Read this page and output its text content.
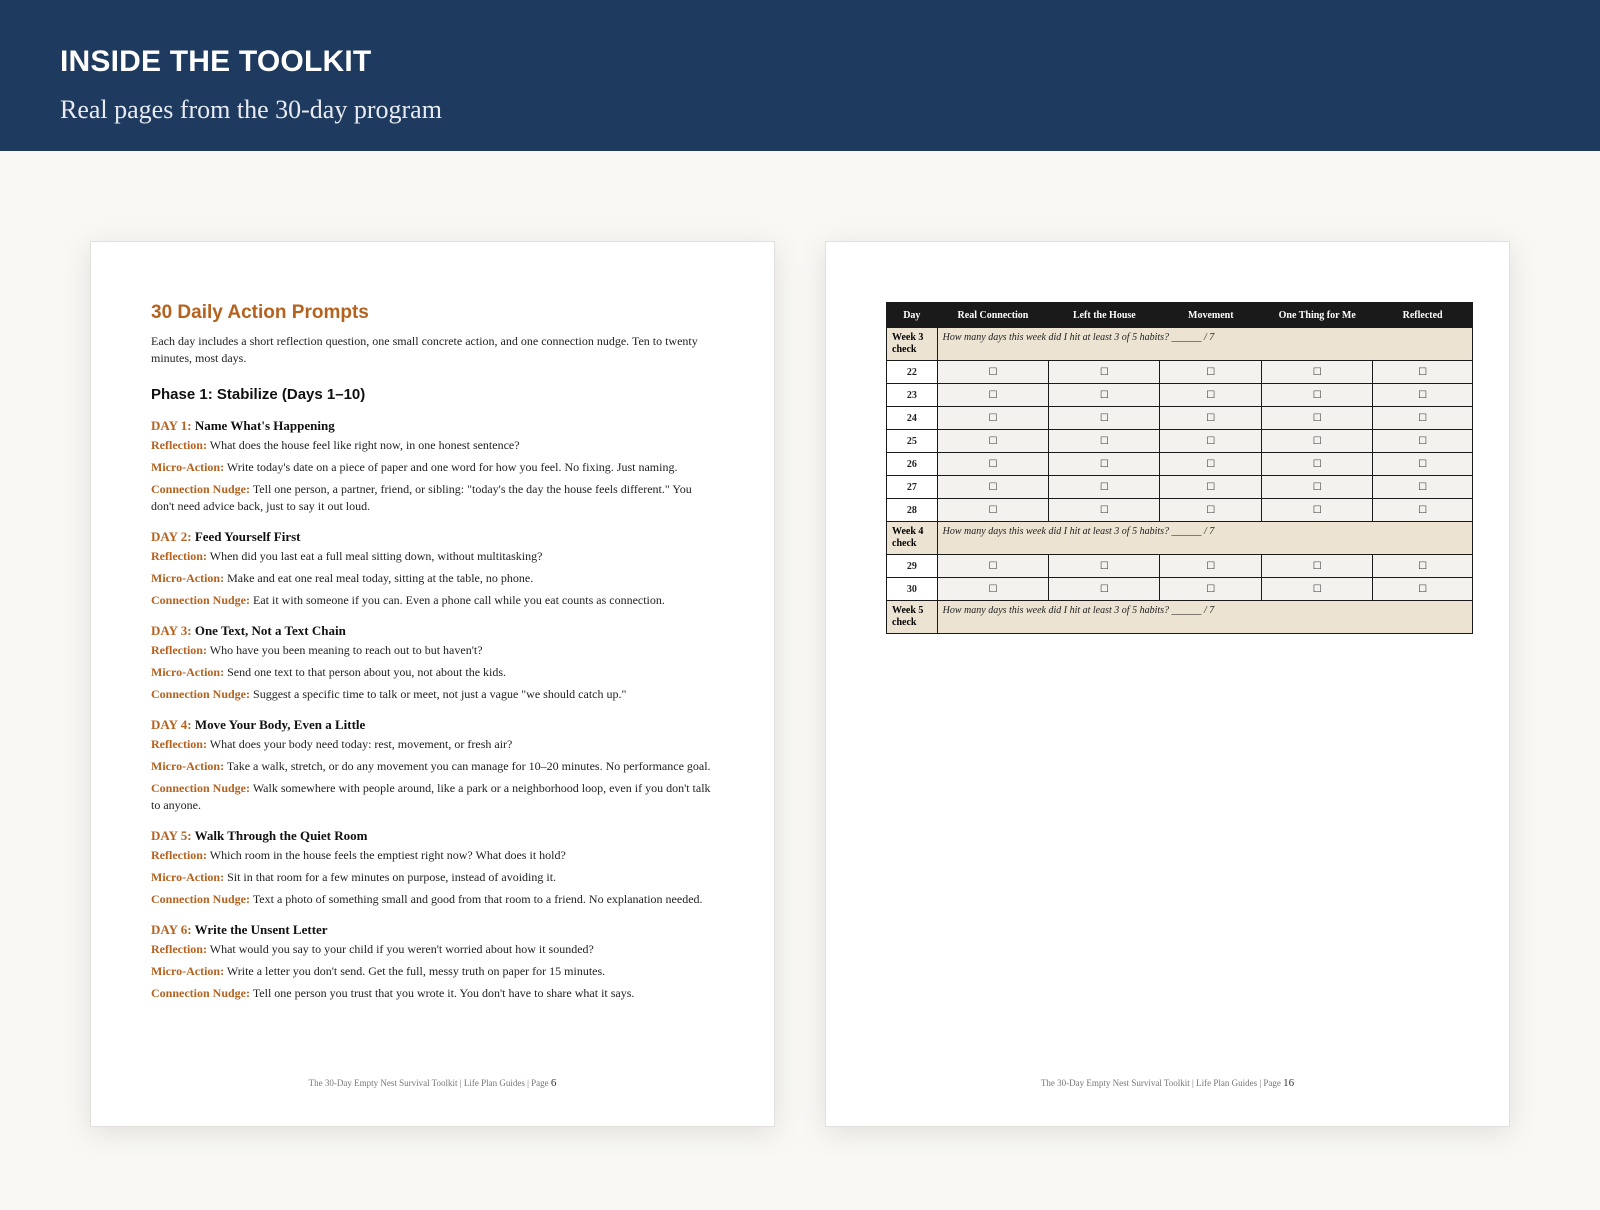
INSIDE THE TOOLKIT
Real pages from the 30-day program
30 Daily Action Prompts
Each day includes a short reflection question, one small concrete action, and one connection nudge. Ten to twenty minutes, most days.
Phase 1: Stabilize (Days 1–10)
DAY 1: Name What's Happening
Reflection: What does the house feel like right now, in one honest sentence?
Micro-Action: Write today's date on a piece of paper and one word for how you feel. No fixing. Just naming.
Connection Nudge: Tell one person, a partner, friend, or sibling: "today's the day the house feels different." You don't need advice back, just to say it out loud.
DAY 2: Feed Yourself First
Reflection: When did you last eat a full meal sitting down, without multitasking?
Micro-Action: Make and eat one real meal today, sitting at the table, no phone.
Connection Nudge: Eat it with someone if you can. Even a phone call while you eat counts as connection.
DAY 3: One Text, Not a Text Chain
Reflection: Who have you been meaning to reach out to but haven't?
Micro-Action: Send one text to that person about you, not about the kids.
Connection Nudge: Suggest a specific time to talk or meet, not just a vague "we should catch up."
DAY 4: Move Your Body, Even a Little
Reflection: What does your body need today: rest, movement, or fresh air?
Micro-Action: Take a walk, stretch, or do any movement you can manage for 10–20 minutes. No performance goal.
Connection Nudge: Walk somewhere with people around, like a park or a neighborhood loop, even if you don't talk to anyone.
DAY 5: Walk Through the Quiet Room
Reflection: Which room in the house feels the emptiest right now? What does it hold?
Micro-Action: Sit in that room for a few minutes on purpose, instead of avoiding it.
Connection Nudge: Text a photo of something small and good from that room to a friend. No explanation needed.
DAY 6: Write the Unsent Letter
Reflection: What would you say to your child if you weren't worried about how it sounded?
Micro-Action: Write a letter you don't send. Get the full, messy truth on paper for 15 minutes.
Connection Nudge: Tell one person you trust that you wrote it. You don't have to share what it says.
The 30-Day Empty Nest Survival Toolkit | Life Plan Guides | Page 6
Day	Real Connection	Left the House	Movement	One Thing for Me	Reflected
Week 3 check	How many days this week did I hit at least 3 of 5 habits? ______ / 7				
22	☐	☐	☐	☐	☐
23	☐	☐	☐	☐	☐
24	☐	☐	☐	☐	☐
25	☐	☐	☐	☐	☐
26	☐	☐	☐	☐	☐
27	☐	☐	☐	☐	☐
28	☐	☐	☐	☐	☐
Week 4 check	How many days this week did I hit at least 3 of 5 habits? ______ / 7				
29	☐	☐	☐	☐	☐
30	☐	☐	☐	☐	☐
Week 5 check	How many days this week did I hit at least 3 of 5 habits? ______ / 7				
The 30-Day Empty Nest Survival Toolkit | Life Plan Guides | Page 16
